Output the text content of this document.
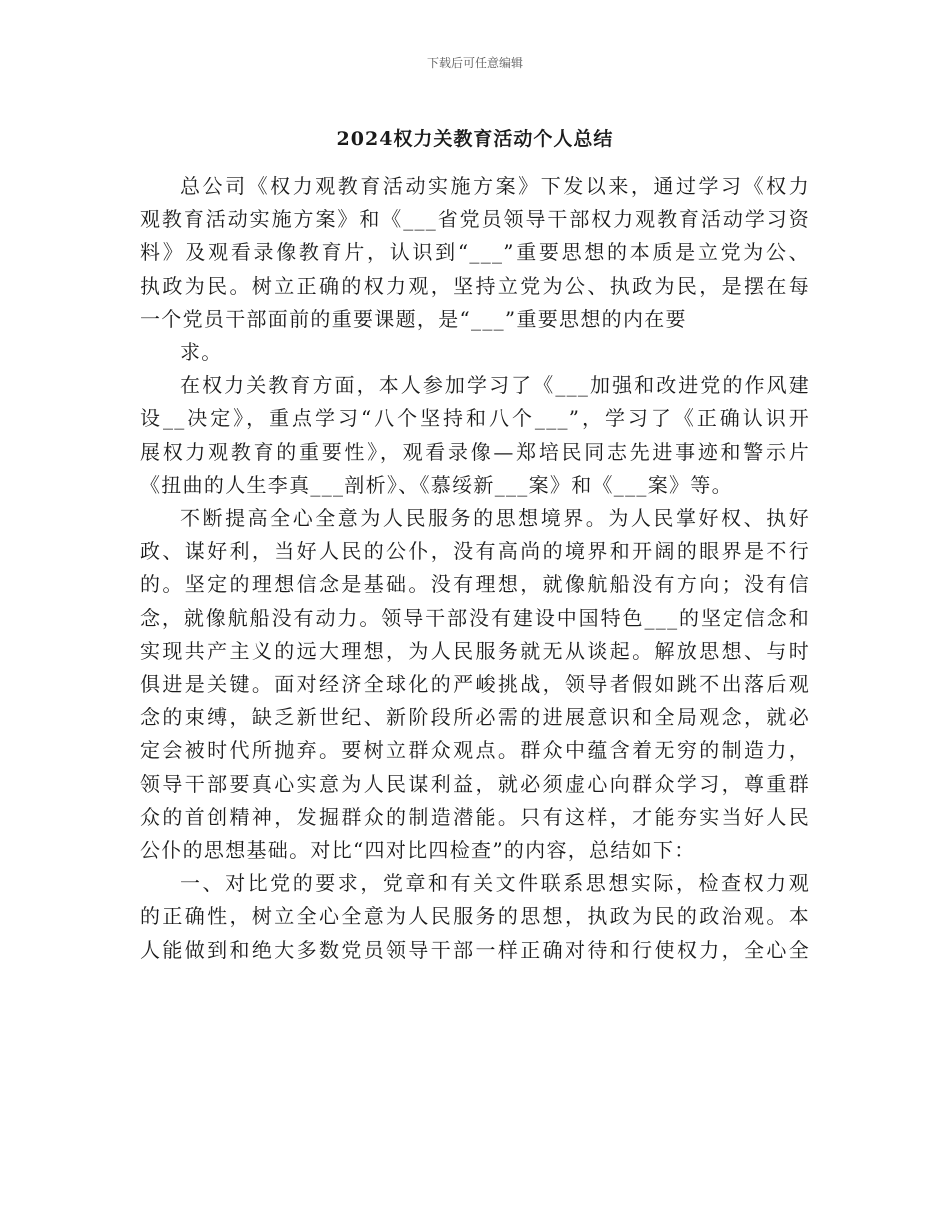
下载后可任意编辑
2024权力关教育活动个人总结

总公司《权力观教育活动实施方案》下发以来，通过学习《权力
观教育活动实施方案》和《___省党员领导干部权力观教育活动学习资
料》及观看录像教育片，认识到“___”重要思想的本质是立党为公、
执政为民。树立正确的权力观，坚持立党为公、执政为民，是摆在每
一个党员干部面前的重要课题，是“___”重要思想的内在要

求。

在权力关教育方面，本人参加学习了《___加强和改进党的作风建
设__决定》，重点学习“八个坚持和八个___”，学习了《正确认识开
展权力观教育的重要性》，观看录像—郑培民同志先进事迹和警示片
《扭曲的人生李真___剖析》、《慕绥新___案》和《___案》等。

不断提高全心全意为人民服务的思想境界。为人民掌好权、执好
政、谋好利，当好人民的公仆，没有高尚的境界和开阔的眼界是不行
的。坚定的理想信念是基础。没有理想，就像航船没有方向；没有信
念，就像航船没有动力。领导干部没有建设中国特色___的坚定信念和
实现共产主义的远大理想，为人民服务就无从谈起。解放思想、与时
俱进是关键。面对经济全球化的严峻挑战，领导者假如跳不出落后观
念的束缚，缺乏新世纪、新阶段所必需的进展意识和全局观念，就必
定会被时代所抛弃。要树立群众观点。群众中蕴含着无穷的制造力，
领导干部要真心实意为人民谋利益，就必须虚心向群众学习，尊重群
众的首创精神，发掘群众的制造潜能。只有这样，才能夯实当好人民
公仆的思想基础。对比“四对比四检查”的内容，总结如下：

一、对比党的要求，党章和有关文件联系思想实际，检查权力观
的正确性，树立全心全意为人民服务的思想，执政为民的政治观。本
人能做到和绝大多数党员领导干部一样正确对待和行使权力，全心全
